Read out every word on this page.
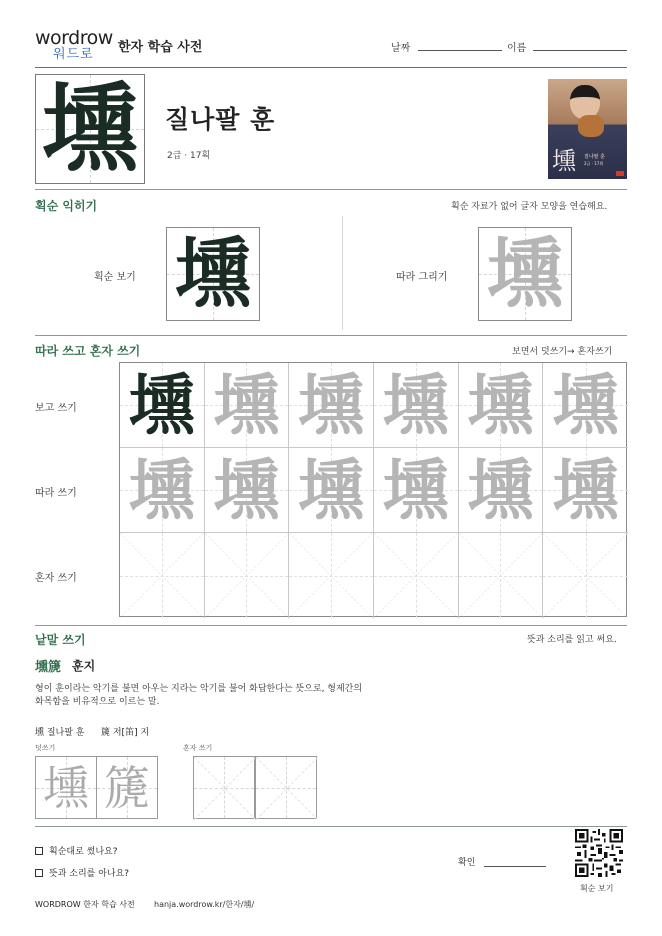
wordrow
워드로	한자 학습 사전	날짜	이름
壎 질나팔 훈
2급 · 17획	壎 질나팔 훈
2급 · 17획
획순 익히기	획순 자료가 없어 글자 모양을 연습해요.
획순 보기 壎	따라 그리기 壎
따라 쓰고 혼자 쓰기	보면서 덧쓰기→ 혼자쓰기
보고 쓰기
따라 쓰기
혼자 쓰기
壎 壎 壎 壎 壎 壎
壎 壎 壎 壎 壎 壎
낱말 쓰기	뜻과 소리를 읽고 써요.
壎篪 훈지
형이 훈이라는 악기를 불면 아우는 지라는 악기를 불어 화답한다는 뜻으로, 형제간의 화목함을 비유적으로 이르는 말.
壎 질나팔 훈 篪 저[笛] 지
덧쓰기	혼자 쓰기
壎 篪
획순대로 썼나요?
뜻과 소리를 아나요?
확인
획순 보기
WORDROW 한자 학습 사전 hanja.wordrow.kr/한자/壎/
